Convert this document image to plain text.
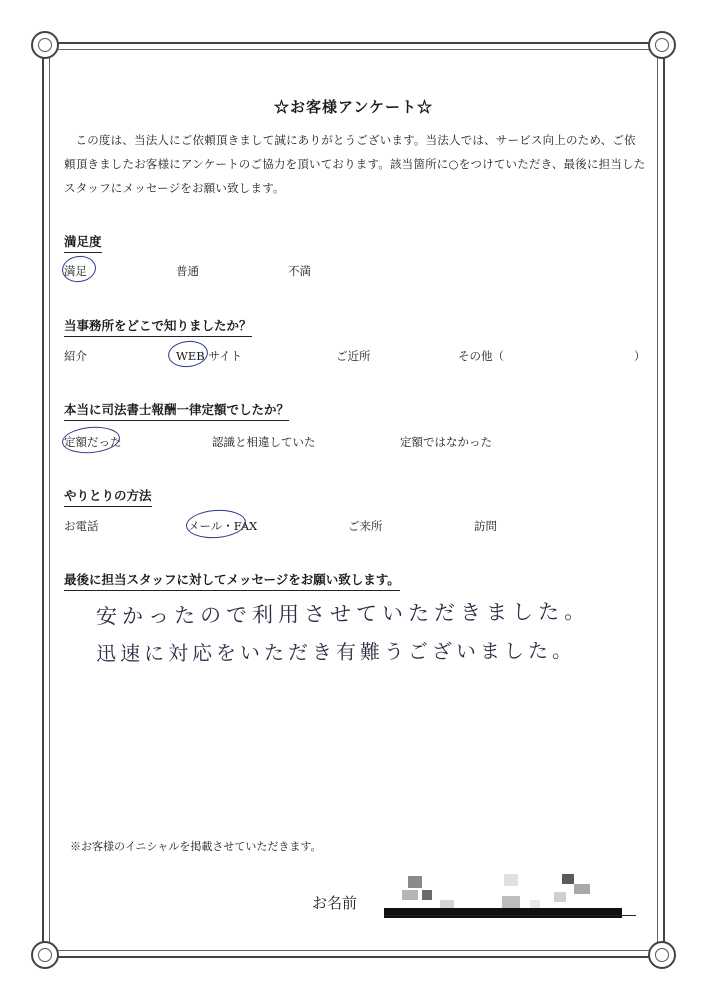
☆お客様アンケート☆
この度は、当法人にご依頼頂きまして誠にありがとうございます。当法人では、サービス向上のため、ご依頼頂きましたお客様にアンケートのご協力を頂いております。該当箇所に○をつけていただき、最後に担当したスタッフにメッセージをお願い致します。
満足度
満足	普通	不満
当事務所をどこで知りましたか？
紹介	WEB サイト	ご近所	その他（	）
本当に司法書士報酬一律定額でしたか？
定額だった	認識と相違していた	定額ではなかった
やりとりの方法
お電話	メール・FAX	ご来所	訪問
最後に担当スタッフに対してメッセージをお願い致します。
安かったので利用させていただきました。
迅速に対応をいただき有難うございました。
※お客様のイニシャルを掲載させていただきます。
お名前
